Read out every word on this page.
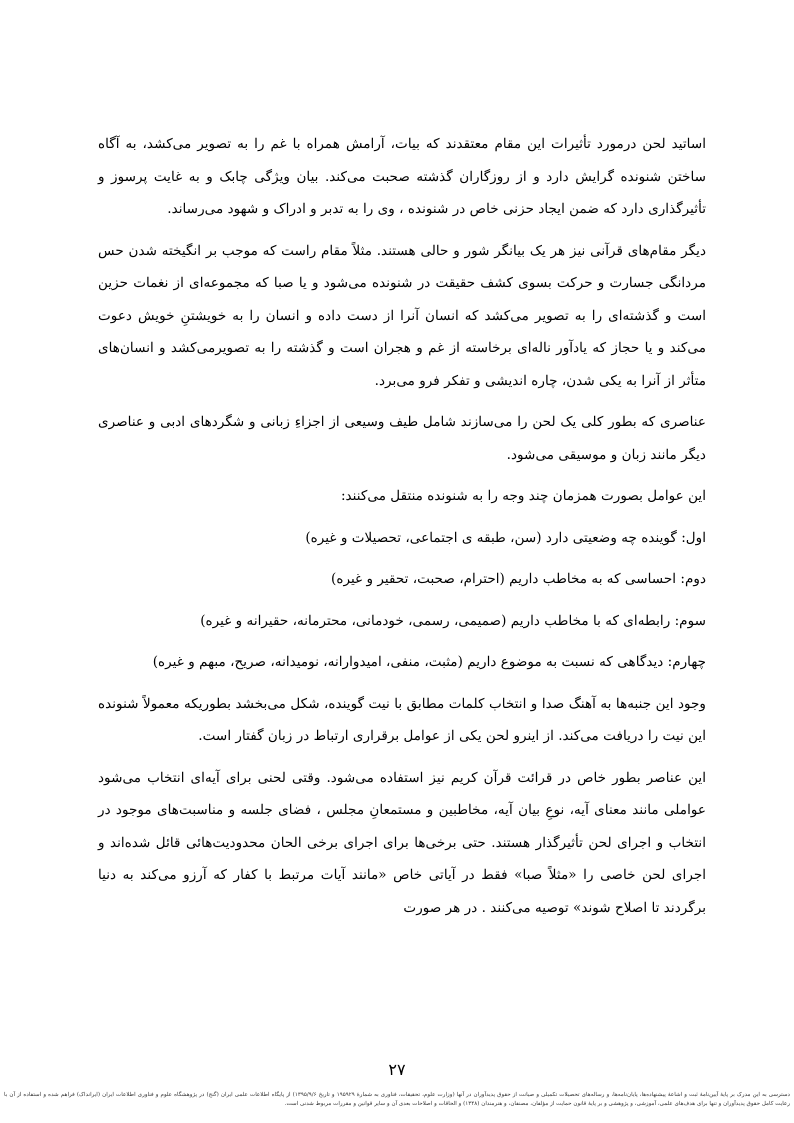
اساتید لحن درمورد تأثیرات این مقام معتقدند که بیات، آرامش همراه با غم را به تصویر می‌کشد، به آگاه ساختن شنونده گرایش دارد و از روزگاران گذشته صحبت می‌کند. بیان ویژگی چابک و به غایت پرسوز و تأثیرگذاری دارد که ضمن ایجاد حزنی خاص در شنونده ، وی را به تدبر و ادراک و شهود می‌رساند.

دیگر مقام‌های قرآنی نیز هر یک بیانگر شور و حالی هستند. مثلاً مقام راست که موجب بر انگیخته شدن حس مردانگی جسارت و حرکت بسوی کشف حقیقت در شنونده می‌شود و یا صبا که مجموعه‌ای از نغمات حزین است و گذشته‌ای را به تصویر می‌کشد که انسان آنرا از دست داده و انسان را به خویشتنِ خویش دعوت می‌کند و یا حجاز که یادآور ناله‌ای برخاسته از غم و هجران است و گذشته را به تصویرمی‌کشد و انسان‌های متأثر از آنرا به یکی شدن، چاره اندیشی و تفکر فرو می‌برد.

عناصری که بطور کلی یک لحن را می‌سازند شامل طیف وسیعی از اجزاءِ زبانی و شگردهای ادبی و عناصری دیگر مانند زبان و موسیقی می‌شود.

این عوامل بصورت همزمان چند وجه را به شنونده منتقل می‌کنند:

اول: گوینده چه وضعیتی دارد (سن، طبقه ی اجتماعی، تحصیلات و غیره)

دوم: احساسی که به مخاطب داریم (احترام، صحبت، تحقیر و غیره)

سوم: رابطه‌ای که با مخاطب داریم (صمیمی، رسمی، خودمانی، محترمانه، حقیرانه و غیره)

چهارم: دیدگاهی که نسبت به موضوع داریم (مثبت، منفی، امیدوارانه، نومیدانه، صریح، مبهم و غیره)

وجود این جنبه‌ها به آهنگ صدا و انتخاب کلمات مطابق با نیت گوینده، شکل می‌بخشد بطوریکه معمولاً شنونده این نیت را دریافت می‌کند. از اینرو لحن یکی از عوامل برقراری ارتباط در زبان گفتار است.

این عناصر بطور خاص در قرائت قرآن کریم نیز استفاده می‌شود. وقتی لحنی برای آیه‌ای انتخاب می‌شود عواملی مانند معنای آیه، نوعِ بیان آیه، مخاطبین و مستمعانِ مجلس ، فضای جلسه و مناسبت‌های موجود در انتخاب و اجرای لحن تأثیرگذار هستند. حتی برخی‌ها برای اجرای برخی الحان محدودیت‌هائی قائل شده‌اند و اجرای لحن خاصی را «مثلاً صبا» فقط در آیاتی خاص «مانند آیات مرتبط با کفار که آرزو می‌کند به دنیا برگردند تا اصلاح شوند» توصیه می‌کنند . در هر صورت

۲۷
دسترسی به این مدرک بر پایهٔ آیین‌نامهٔ ثبت و اشاعهٔ پیشنهاده‌ها، پایان‌نامه‌ها، و رساله‌های تحصیلات تکمیلی و صیانت از حقوق پدیدآوران در آنها (وزارت علوم، تحقیقات، فناوری به شمارهٔ ۱۹۵۹۲۹ و تاریخ ۱۳۹۵/۹/۶) از پایگاه اطلاعات علمی ایران (گنج) در پژوهشگاه علوم و فناوری اطلاعات ایران (ایرانداک) فراهم شده و استفاده از آن با رعایت کامل حقوق پدیدآوران و تنها برای هدف‌های علمی، آموزشی، و پژوهشی و بر پایهٔ قانون حمایت از مؤلفان، مصنفان، و هنرمندان (۱۳۴۸) و الحاقات و اصلاحات بعدی آن و سایر قوانین و مقررات مربوط شدنی است.
